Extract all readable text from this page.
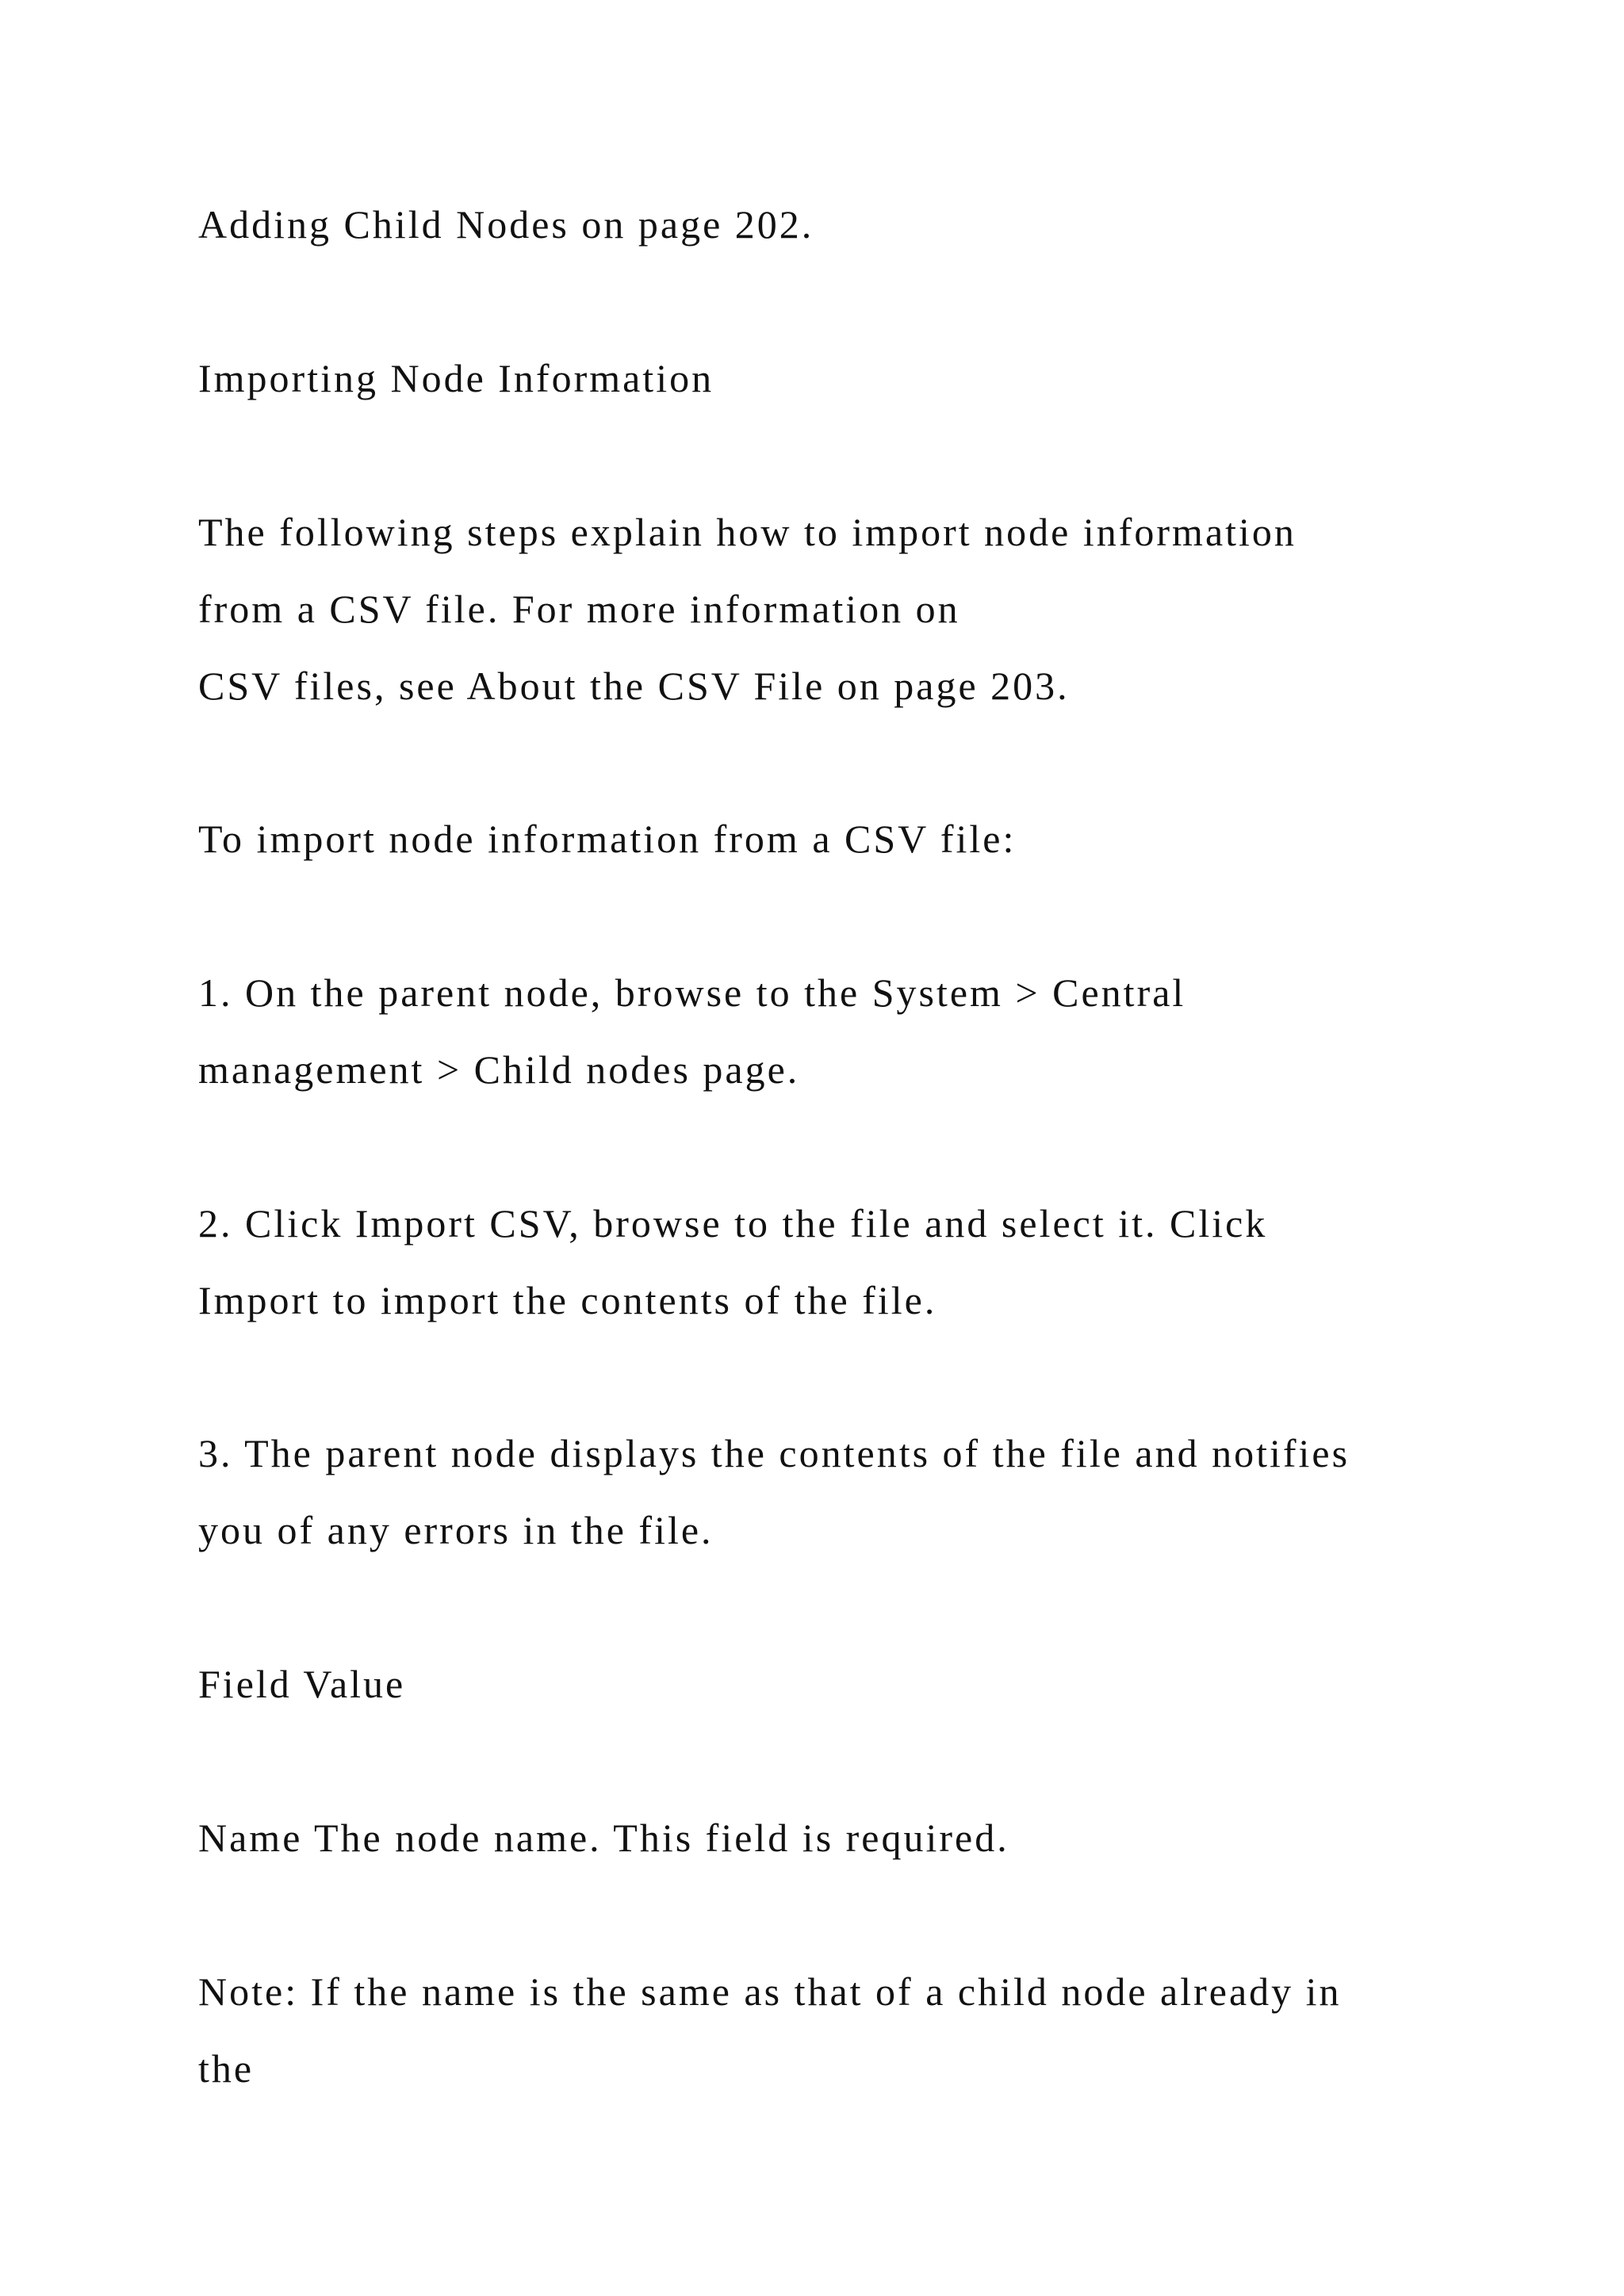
Adding Child Nodes on page 202.

Importing Node Information

The following steps explain how to import node information
from a CSV file. For more information on
CSV files, see About the CSV File on page 203.

To import node information from a CSV file:

1. On the parent node, browse to the System > Central
management > Child nodes page.

2. Click Import CSV, browse to the file and select it. Click
Import to import the contents of the file.

3. The parent node displays the contents of the file and notifies
you of any errors in the file.

Field Value

Name The node name. This field is required.

Note: If the name is the same as that of a child node already in
the
